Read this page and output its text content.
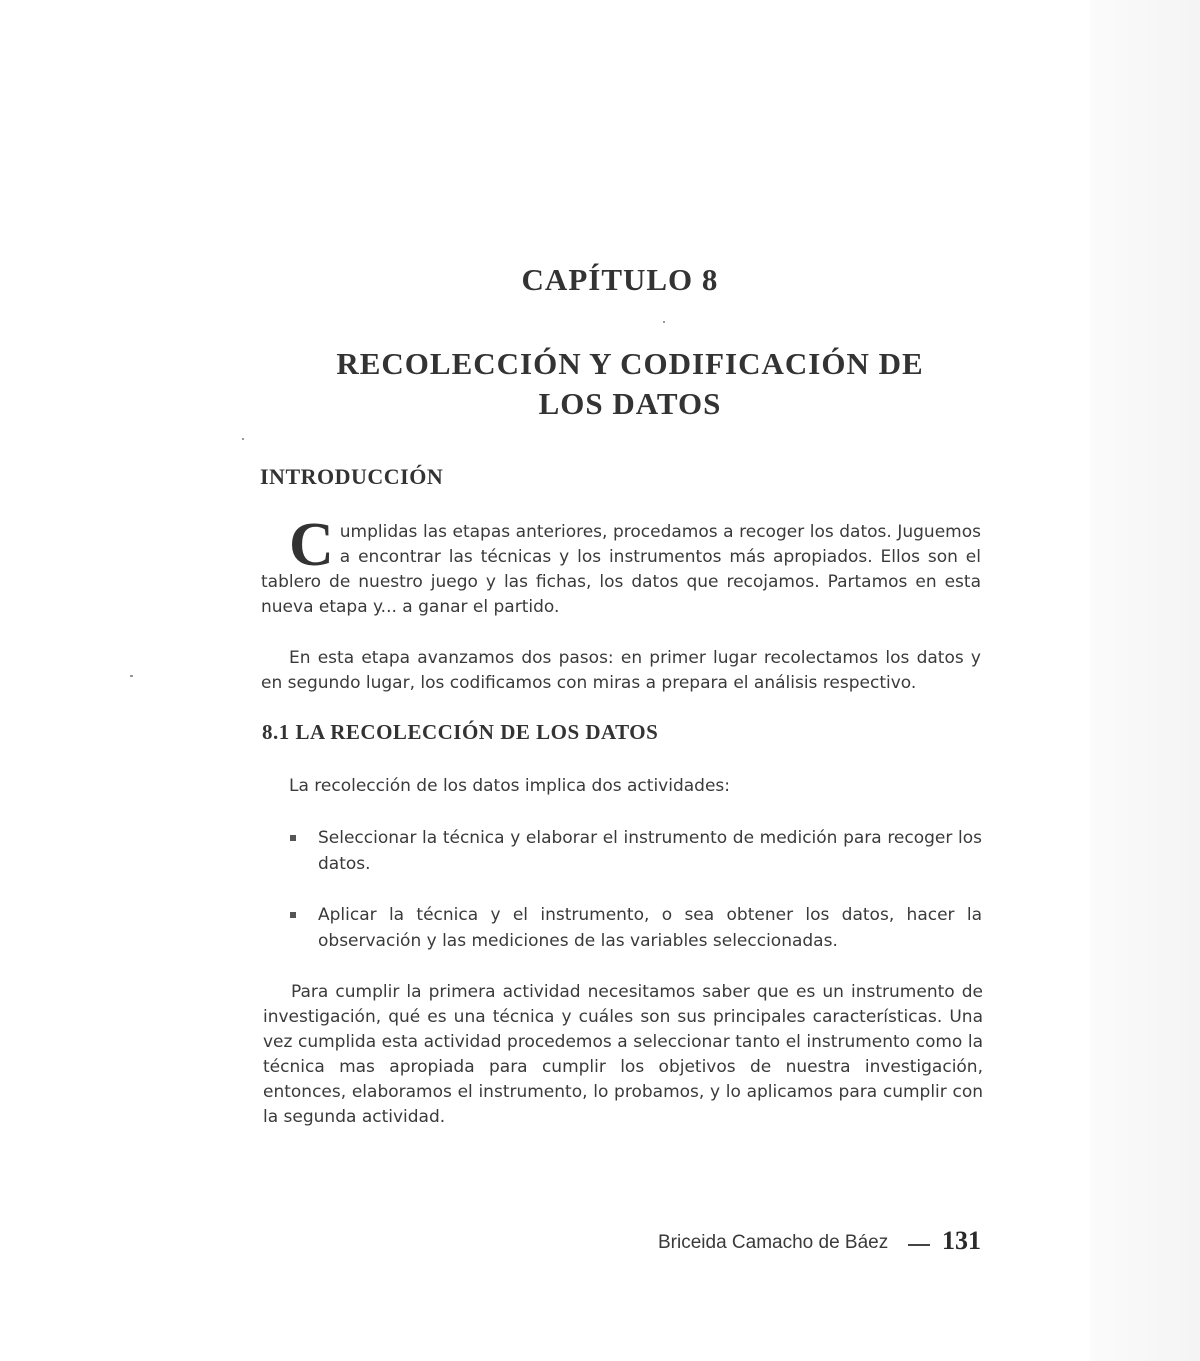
CAPÍTULO 8
RECOLECCIÓN Y CODIFICACIÓN DE
LOS DATOS
INTRODUCCIÓN

Cumplidas las etapas anteriores, procedamos a recoger los datos. Juguemos a encontrar las técnicas y los instrumentos más apropiados. Ellos son el tablero de nuestro juego y las fichas, los datos que recojamos. Partamos en esta nueva etapa y... a ganar el partido.

En esta etapa avanzamos dos pasos: en primer lugar recolectamos los datos y en segundo lugar, los codificamos con miras a prepara el análisis respectivo.

8.1 LA RECOLECCIÓN DE LOS DATOS

La recolección de los datos implica dos actividades:

Seleccionar la técnica y elaborar el instrumento de medición para recoger los datos.
Aplicar la técnica y el instrumento, o sea obtener los datos, hacer la observación y las mediciones de las variables seleccionadas.

Para cumplir la primera actividad necesitamos saber que es un instrumento de investigación, qué es una técnica y cuáles son sus principales características. Una vez cumplida esta actividad procedemos a seleccionar tanto el instrumento como la técnica mas apropiada para cumplir los objetivos de nuestra investigación, entonces, elaboramos el instrumento, lo probamos, y lo aplicamos para cumplir con la segunda actividad.

Briceida Camacho de Báez 131
